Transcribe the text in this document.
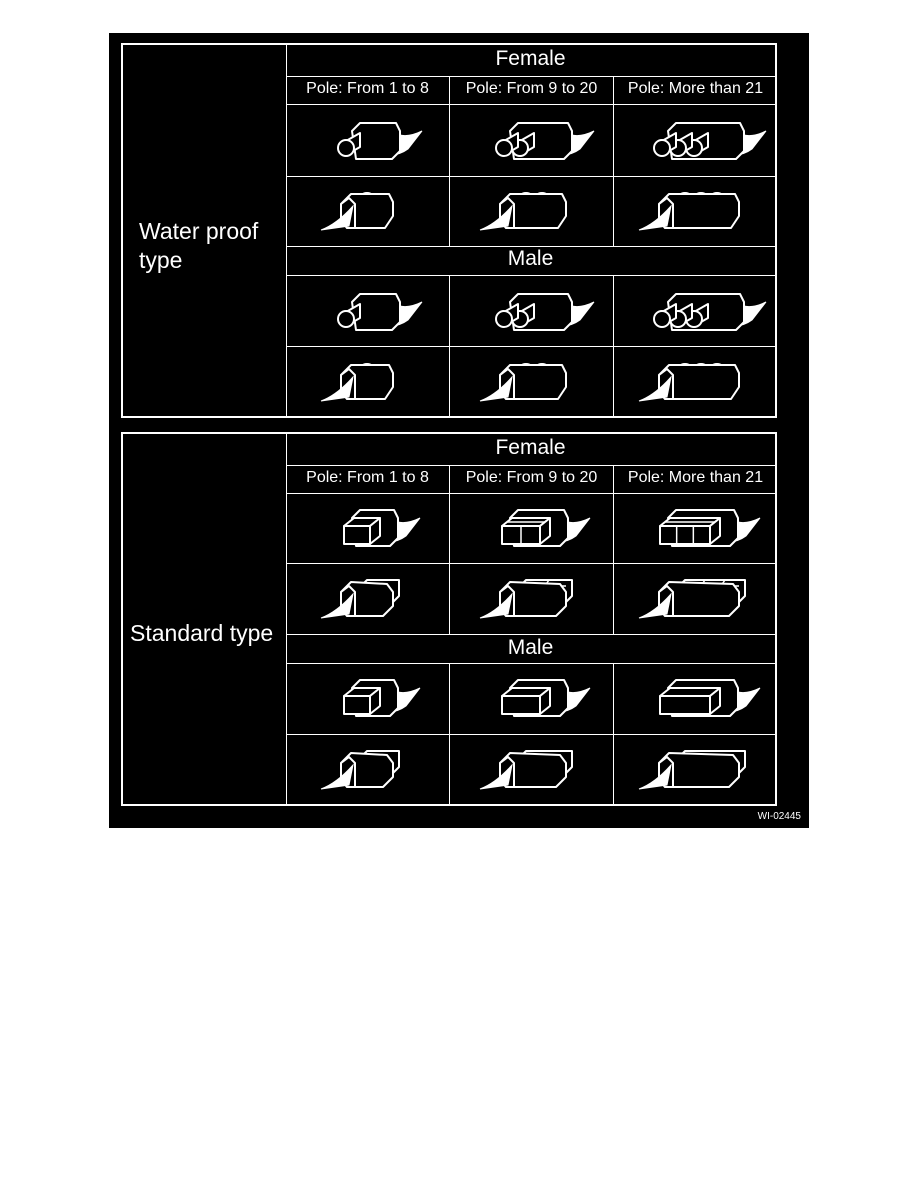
Water proof
type
Female
Pole: From 1 to 8	Pole: From 9 to 20	Pole: More than 21
Male
Standard type
Female
Pole: From 1 to 8	Pole: From 9 to 20	Pole: More than 21
Male
WI-02445
